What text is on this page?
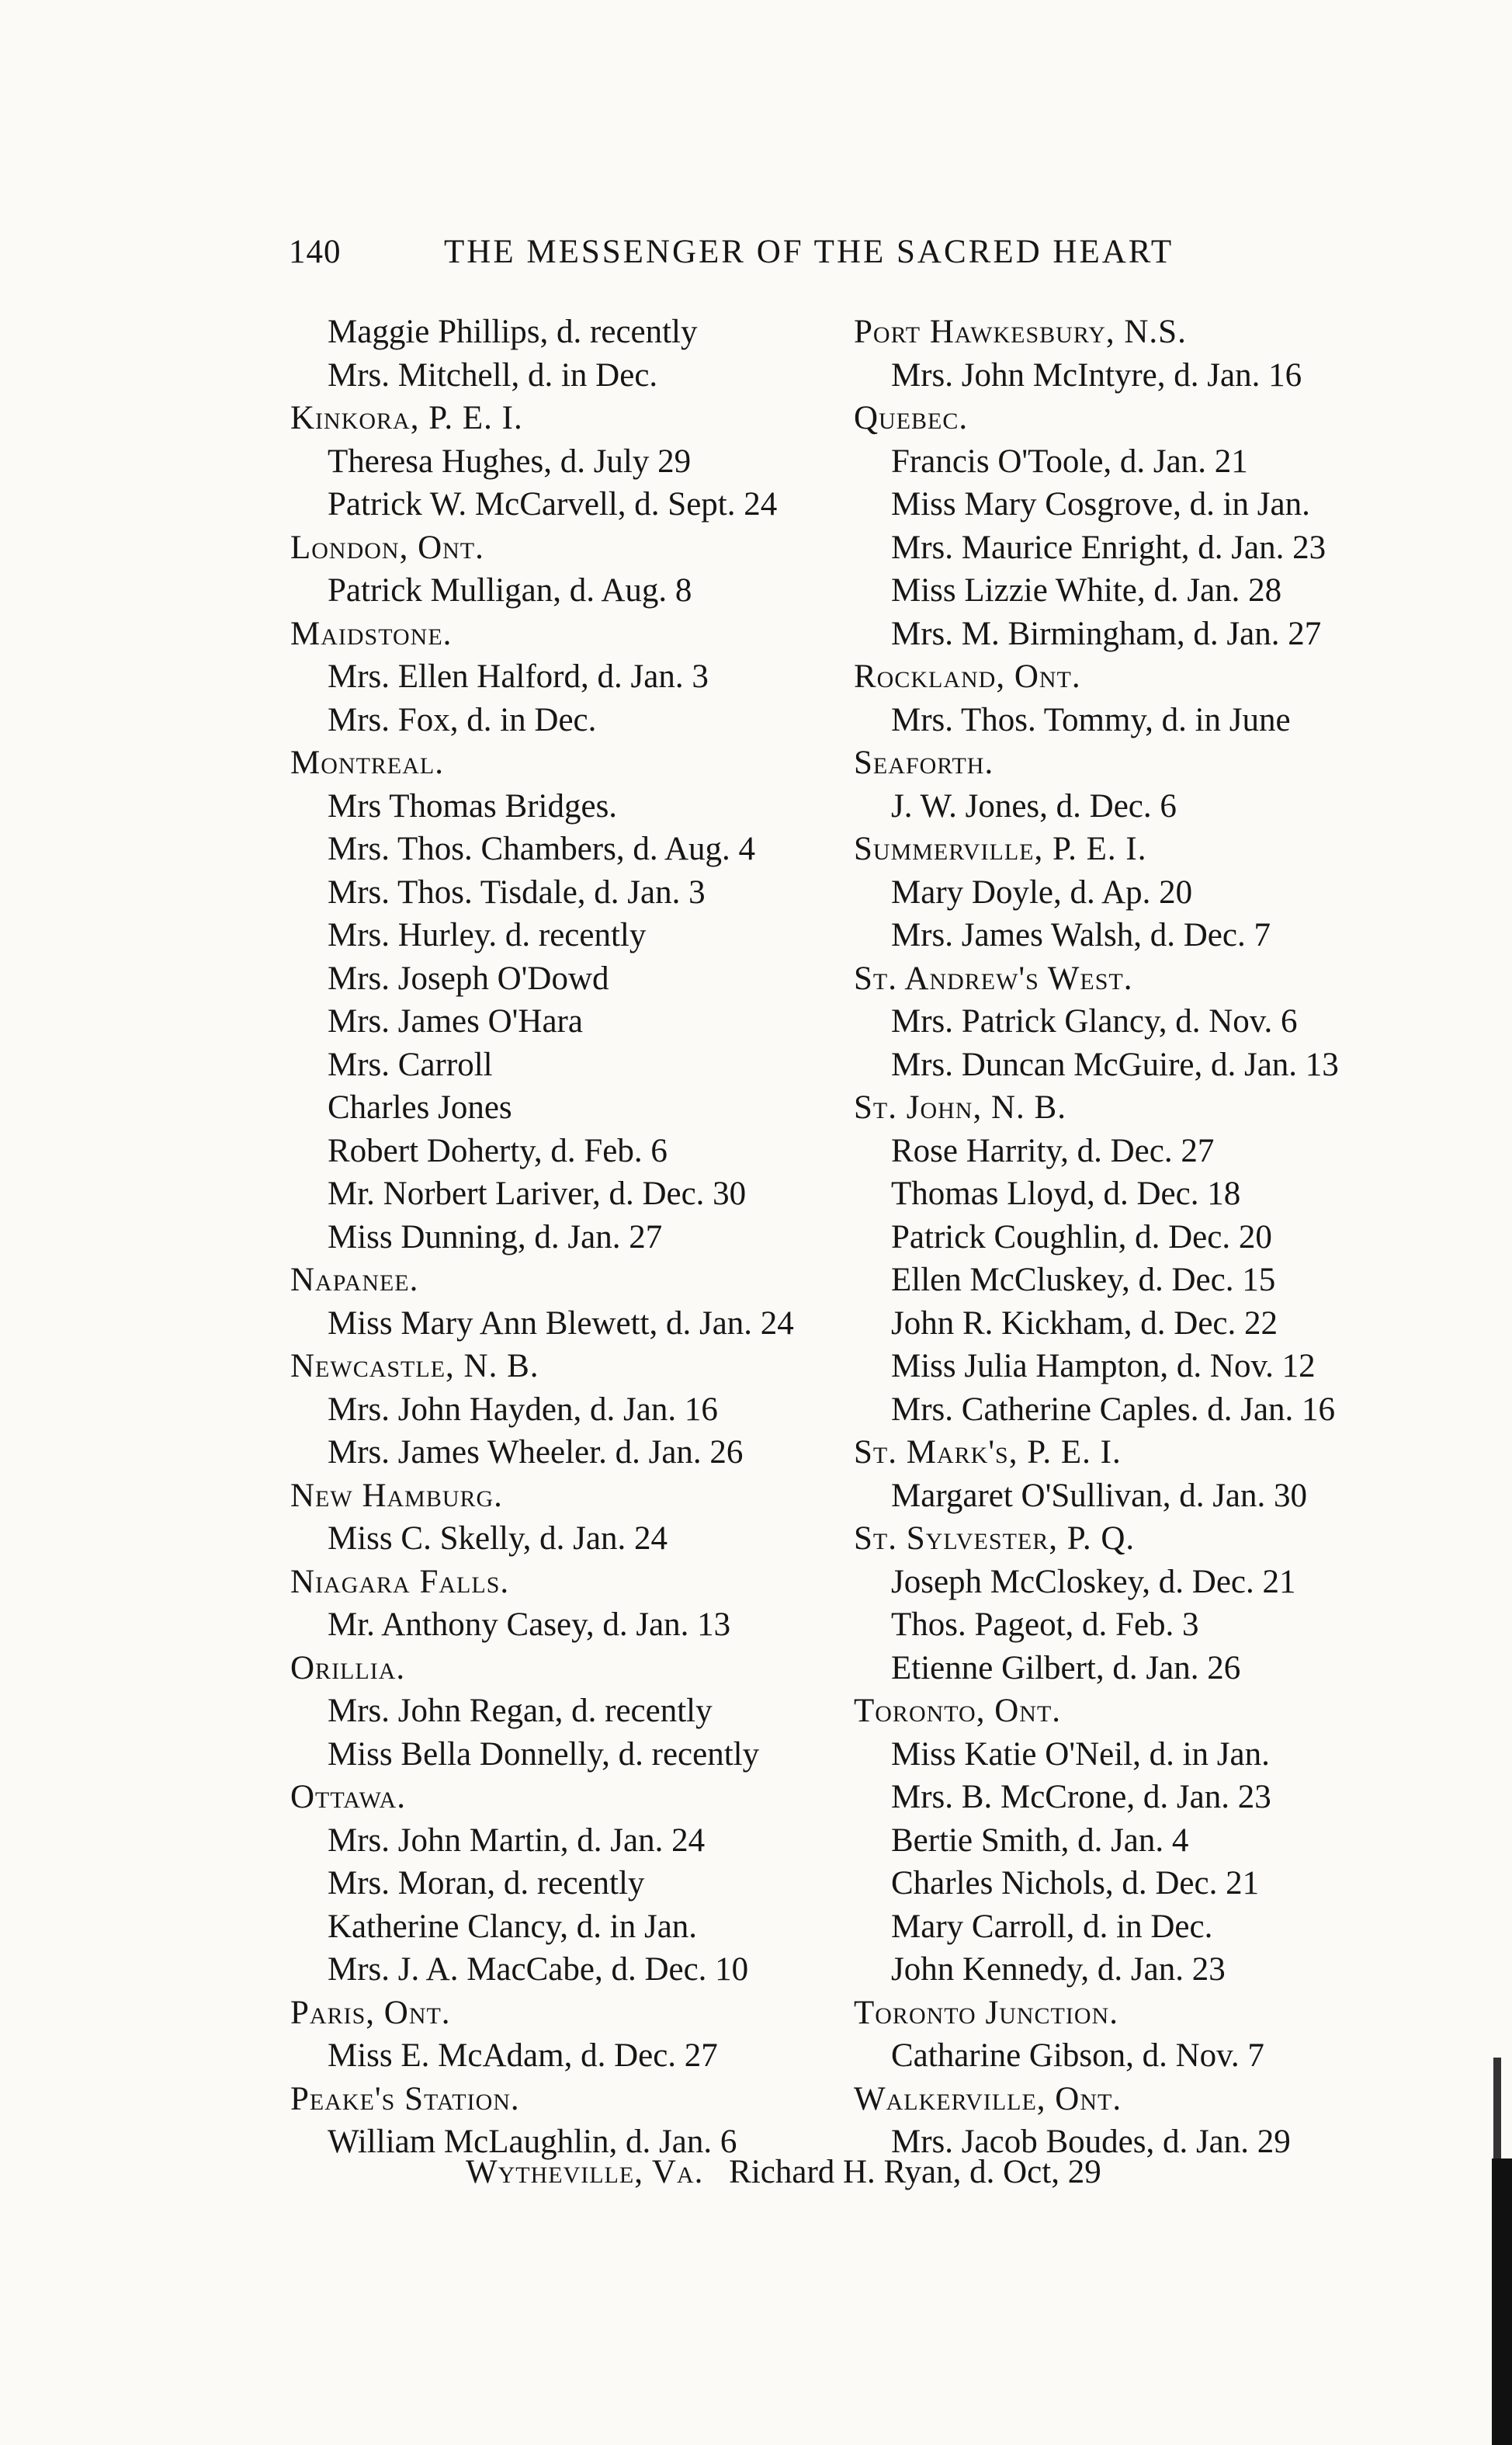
140	THE MESSENGER OF THE SACRED HEART
Maggie Phillips, d. recently
Mrs. Mitchell, d. in Dec.
Kinkora, P. E. I.
Theresa Hughes, d. July 29
Patrick W. McCarvell, d. Sept. 24
London, Ont.
Patrick Mulligan, d. Aug. 8
Maidstone.
Mrs. Ellen Halford, d. Jan. 3
Mrs. Fox, d. in Dec.
Montreal.
Mrs Thomas Bridges.
Mrs. Thos. Chambers, d. Aug. 4
Mrs. Thos. Tisdale, d. Jan. 3
Mrs. Hurley. d. recently
Mrs. Joseph O'Dowd
Mrs. James O'Hara
Mrs. Carroll
Charles Jones
Robert Doherty, d. Feb. 6
Mr. Norbert Lariver, d. Dec. 30
Miss Dunning, d. Jan. 27
Napanee.
Miss Mary Ann Blewett, d. Jan. 24
Newcastle, N. B.
Mrs. John Hayden, d. Jan. 16
Mrs. James Wheeler. d. Jan. 26
New Hamburg.
Miss C. Skelly, d. Jan. 24
Niagara Falls.
Mr. Anthony Casey, d. Jan. 13
Orillia.
Mrs. John Regan, d. recently
Miss Bella Donnelly, d. recently
Ottawa.
Mrs. John Martin, d. Jan. 24
Mrs. Moran, d. recently
Katherine Clancy, d. in Jan.
Mrs. J. A. MacCabe, d. Dec. 10
Paris, Ont.
Miss E. McAdam, d. Dec. 27
Peake's Station.
William McLaughlin, d. Jan. 6
Port Hawkesbury, N.S.
Mrs. John McIntyre, d. Jan. 16
Quebec.
Francis O'Toole, d. Jan. 21
Miss Mary Cosgrove, d. in Jan.
Mrs. Maurice Enright, d. Jan. 23
Miss Lizzie White, d. Jan. 28
Mrs. M. Birmingham, d. Jan. 27
Rockland, Ont.
Mrs. Thos. Tommy, d. in June
Seaforth.
J. W. Jones, d. Dec. 6
Summerville, P. E. I.
Mary Doyle, d. Ap. 20
Mrs. James Walsh, d. Dec. 7
St. Andrew's West.
Mrs. Patrick Glancy, d. Nov. 6
Mrs. Duncan McGuire, d. Jan. 13
St. John, N. B.
Rose Harrity, d. Dec. 27
Thomas Lloyd, d. Dec. 18
Patrick Coughlin, d. Dec. 20
Ellen McCluskey, d. Dec. 15
John R. Kickham, d. Dec. 22
Miss Julia Hampton, d. Nov. 12
Mrs. Catherine Caples. d. Jan. 16
St. Mark's, P. E. I.
Margaret O'Sullivan, d. Jan. 30
St. Sylvester, P. Q.
Joseph McCloskey, d. Dec. 21
Thos. Pageot, d. Feb. 3
Etienne Gilbert, d. Jan. 26
Toronto, Ont.
Miss Katie O'Neil, d. in Jan.
Mrs. B. McCrone, d. Jan. 23
Bertie Smith, d. Jan. 4
Charles Nichols, d. Dec. 21
Mary Carroll, d. in Dec.
John Kennedy, d. Jan. 23
Toronto Junction.
Catharine Gibson, d. Nov. 7
Walkerville, Ont.
Mrs. Jacob Boudes, d. Jan. 29
Wytheville, Va. Richard H. Ryan, d. Oct, 29
